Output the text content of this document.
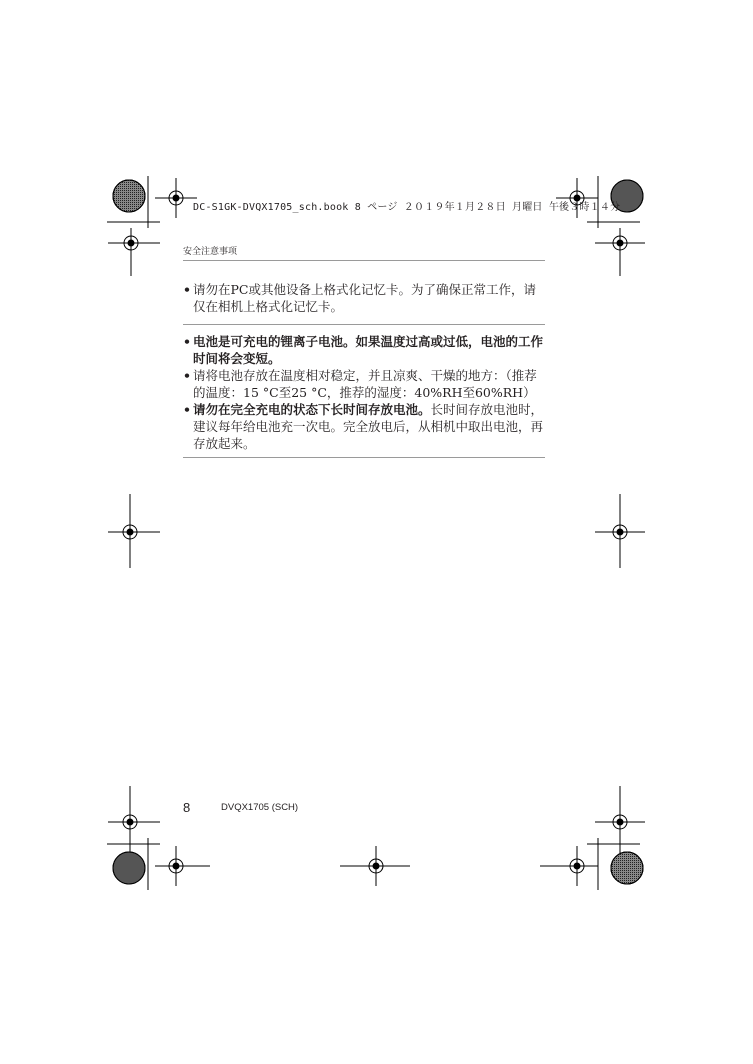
DC-S1GK-DVQX1705_sch.book 8 ページ ２０１９年１月２８日 月曜日 午後３時１４分
安全注意事项
• 请勿在PC或其他设备上格式化记忆卡。为了确保正常工作，请仅在相机上格式化记忆卡。
• 电池是可充电的锂离子电池。如果温度过高或过低，电池的工作时间将会变短。
• 请将电池存放在温度相对稳定，并且凉爽、干燥的地方：（推荐的温度：15 °C至25 °C，推荐的湿度：40%RH至60%RH）
• 请勿在完全充电的状态下长时间存放电池。长时间存放电池时，建议每年给电池充一次电。完全放电后，从相机中取出电池，再存放起来。
8	DVQX1705 (SCH)
